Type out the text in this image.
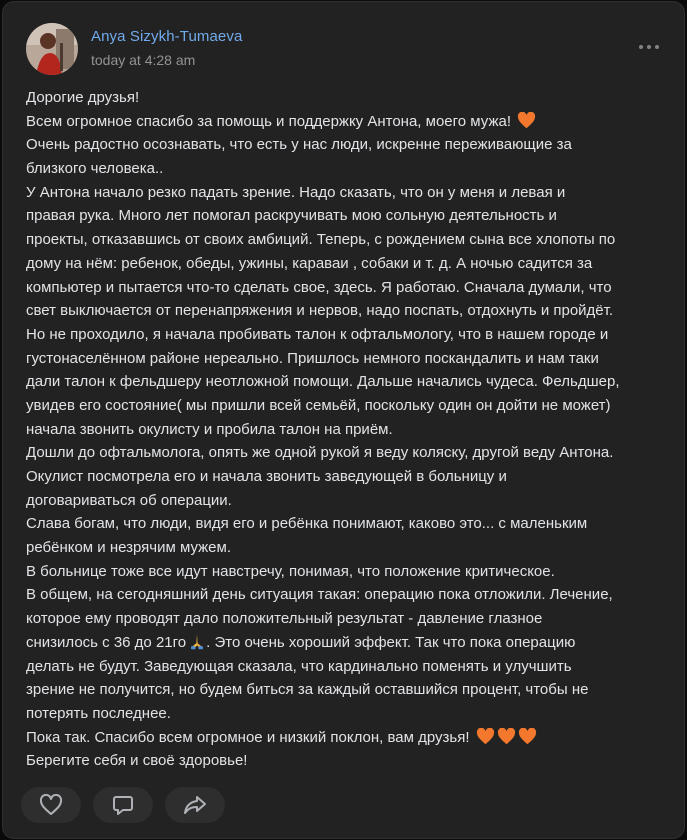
Anya Sizykh-Tumaeva
today at 4:28 am
Дорогие друзья!
Всем огромное спасибо за помощь и поддержку Антона, моего мужа!
Очень радостно осознавать, что есть у нас люди, искренне переживающие за
близкого человека..
У Антона начало резко падать зрение. Надо сказать, что он у меня и левая и
правая рука. Много лет помогал раскручивать мою сольную деятельность и
проекты, отказавшись от своих амбиций. Теперь, с рождением сына все хлопоты по
дому на нём: ребенок, обеды, ужины, караваи , собаки и т. д. А ночью садится за
компьютер и пытается что-то сделать свое, здесь. Я работаю. Сначала думали, что
свет выключается от перенапряжения и нервов, надо поспать, отдохнуть и пройдёт.
Но не проходило, я начала пробивать талон к офтальмологу, что в нашем городе и
густонаселённом районе нереально. Пришлось немного поскандалить и нам таки
дали талон к фельдшеру неотложной помощи. Дальше начались чудеса. Фельдшер,
увидев его состояние( мы пришли всей семьёй, поскольку один он дойти не может)
начала звонить окулисту и пробила талон на приём.
Дошли до офтальмолога, опять же одной рукой я веду коляску, другой веду Антона.
Окулист посмотрела его и начала звонить заведующей в больницу и
договариваться об операции.
Слава богам, что люди, видя его и ребёнка понимают, каково это... с маленьким
ребёнком и незрячим мужем.
В больнице тоже все идут навстречу, понимая, что положение критическое.
В общем, на сегодняшний день ситуация такая: операцию пока отложили. Лечение,
которое ему проводят дало положительный результат - давление глазное
снизилось с 36 до 21го . Это очень хороший эффект. Так что пока операцию
делать не будут. Заведующая сказала, что кардинально поменять и улучшить
зрение не получится, но будем биться за каждый оставшийся процент, чтобы не
потерять последнее.
Пока так. Спасибо всем огромное и низкий поклон, вам друзья!
Берегите себя и своё здоровье!
